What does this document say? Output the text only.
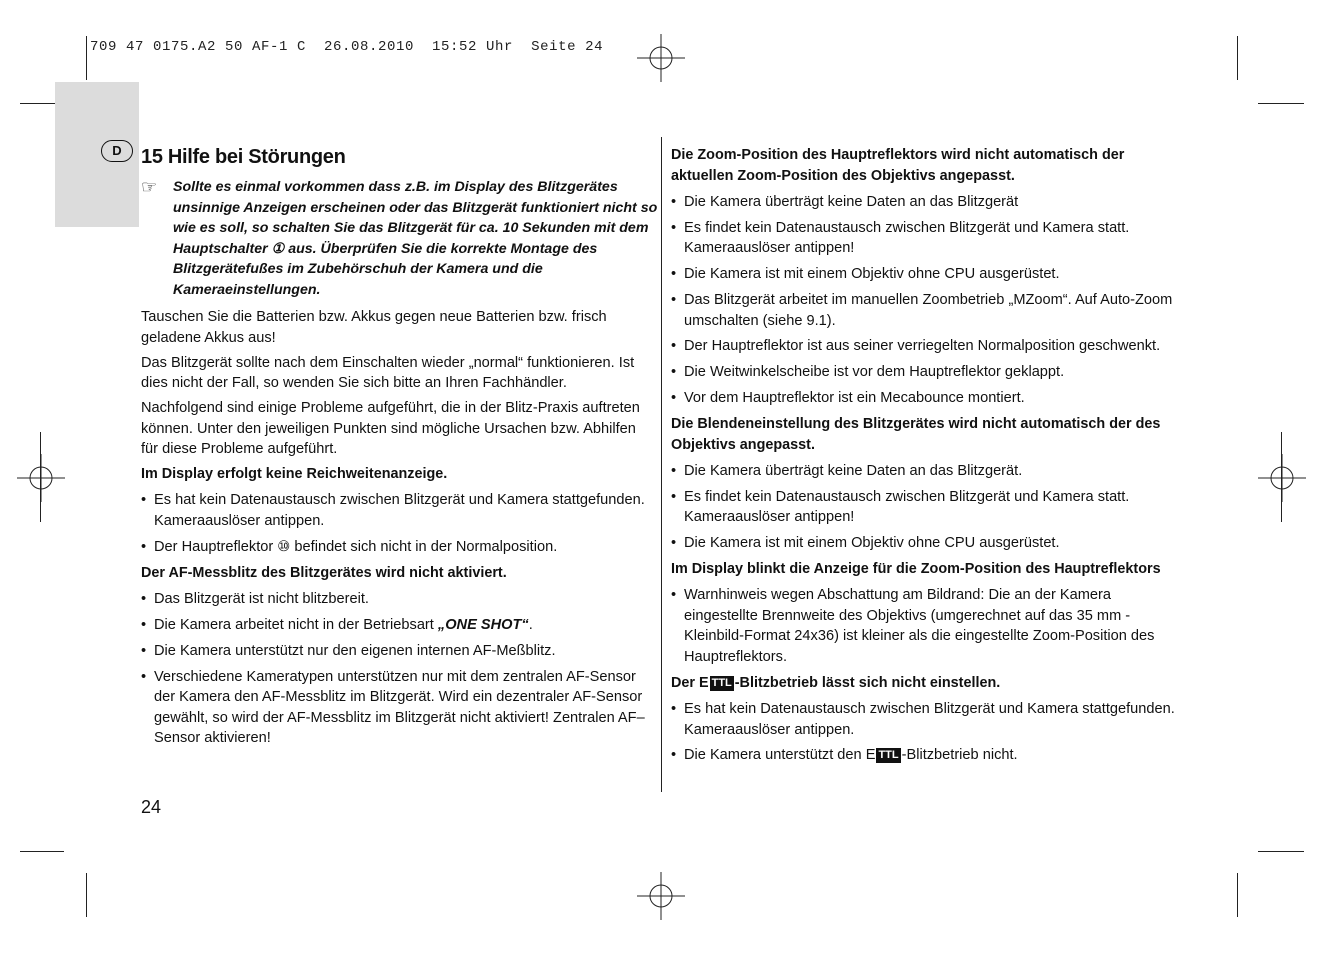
709 47 0175.A2 50 AF-1 C  26.08.2010  15:52 Uhr  Seite 24
D 15 Hilfe bei Störungen
☞ Sollte es einmal vorkommen dass z.B. im Display des Blitzgerätes unsinnige Anzeigen erscheinen oder das Blitzgerät funktioniert nicht so wie es soll, so schalten Sie das Blitzgerät für ca. 10 Sekunden mit dem Hauptschalter ① aus. Überprüfen Sie die korrekte Montage des Blitzgerätefußes im Zubehörschuh der Kamera und die Kameraeinstellungen.

Tauschen Sie die Batterien bzw. Akkus gegen neue Batterien bzw. frisch geladene Akkus aus!

Das Blitzgerät sollte nach dem Einschalten wieder „normal“ funktionieren. Ist dies nicht der Fall, so wenden Sie sich bitte an Ihren Fachhändler.

Nachfolgend sind einige Probleme aufgeführt, die in der Blitz-Praxis auftreten können. Unter den jeweiligen Punkten sind mögliche Ursachen bzw. Abhilfen für diese Probleme aufgeführt.

Im Display erfolgt keine Reichweitenanzeige.
• Es hat kein Datenaustausch zwischen Blitzgerät und Kamera stattgefunden. Kameraauslöser antippen.
• Der Hauptreflektor ⑩ befindet sich nicht in der Normalposition.
Der AF-Messblitz des Blitzgerätes wird nicht aktiviert.
• Das Blitzgerät ist nicht blitzbereit.
• Die Kamera arbeitet nicht in der Betriebsart „ONE SHOT“.
• Die Kamera unterstützt nur den eigenen internen AF-Meßblitz.
• Verschiedene Kameratypen unterstützen nur mit dem zentralen AF-Sensor der Kamera den AF-Messblitz im Blitzgerät. Wird ein dezentraler AF-Sensor gewählt, so wird der AF-Messblitz im Blitzgerät nicht aktiviert! Zentralen AF–Sensor aktivieren!
Die Zoom-Position des Hauptreflektors wird nicht automatisch der aktuellen Zoom-Position des Objektivs angepasst.
• Die Kamera überträgt keine Daten an das Blitzgerät
• Es findet kein Datenaustausch zwischen Blitzgerät und Kamera statt. Kameraauslöser antippen!
• Die Kamera ist mit einem Objektiv ohne CPU ausgerüstet.
• Das Blitzgerät arbeitet im manuellen Zoombetrieb „MZoom“. Auf Auto-Zoom umschalten (siehe 9.1).
• Der Hauptreflektor ist aus seiner verriegelten Normalposition geschwenkt.
• Die Weitwinkelscheibe ist vor dem Hauptreflektor geklappt.
• Vor dem Hauptreflektor ist ein Mecabounce montiert.
Die Blendeneinstellung des Blitzgerätes wird nicht automatisch der des Objektivs angepasst.
• Die Kamera überträgt keine Daten an das Blitzgerät.
• Es findet kein Datenaustausch zwischen Blitzgerät und Kamera statt. Kameraauslöser antippen!
• Die Kamera ist mit einem Objektiv ohne CPU ausgerüstet.
Im Display blinkt die Anzeige für die Zoom-Position des Hauptreflektors
• Warnhinweis wegen Abschattung am Bildrand: Die an der Kamera eingestellte Brennweite des Objektivs (umgerechnet auf das 35 mm - Kleinbild-Format 24x36) ist kleiner als die eingestellte Zoom-Position des Hauptreflektors.
Der E TTL -Blitzbetrieb lässt sich nicht einstellen.
• Es hat kein Datenaustausch zwischen Blitzgerät und Kamera stattgefunden. Kameraauslöser antippen.
• Die Kamera unterstützt den E TTL -Blitzbetrieb nicht.
24
